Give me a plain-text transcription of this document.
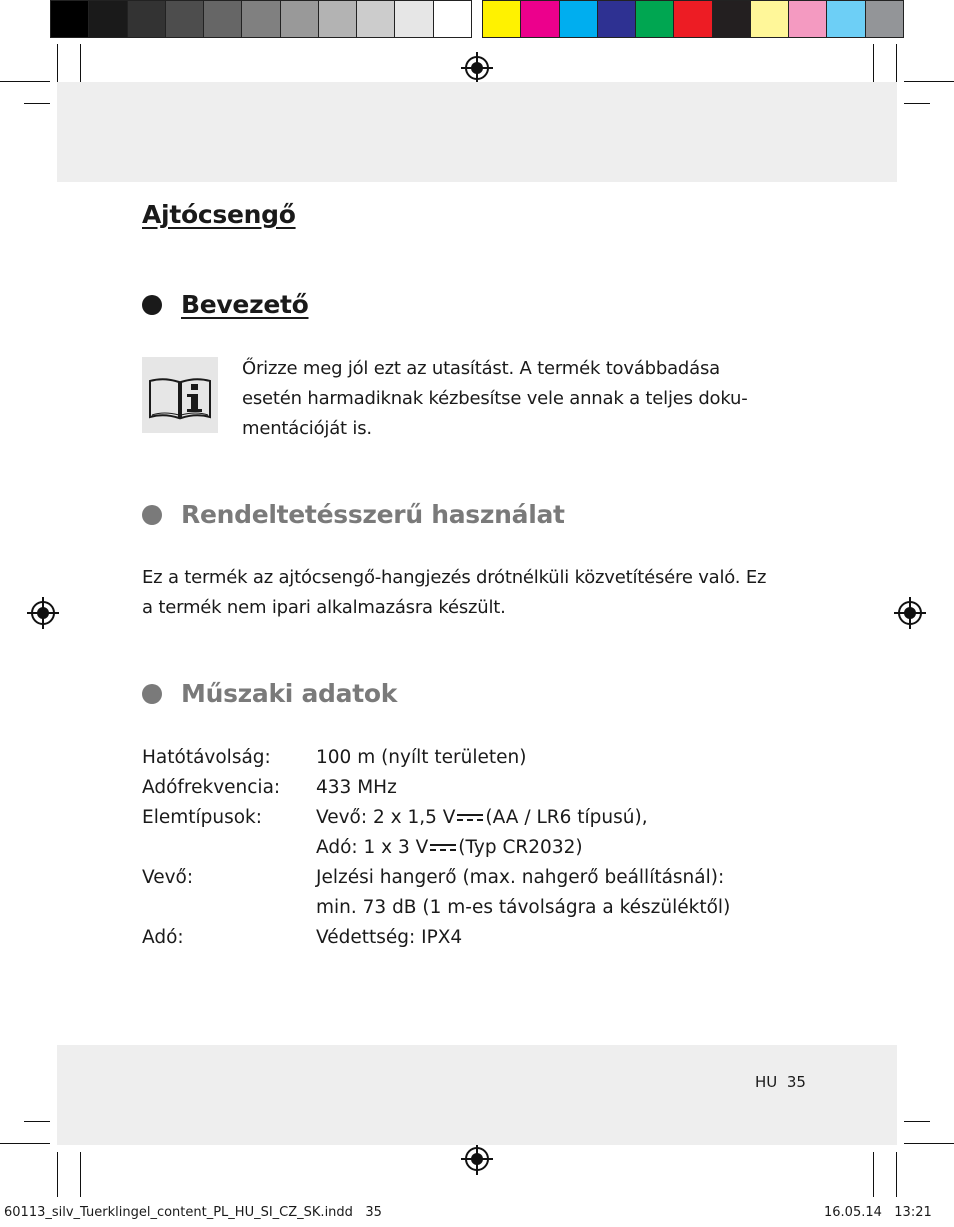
Ajtócsengő
Bevezető
Őrizze meg jól ezt az utasítást. A termék továbbadása
esetén harmadiknak kézbesítse vele annak a teljes doku-
mentációját is.
Rendeltetésszerű használat
Ez a termék az ajtócsengő-hangjezés drótnélküli közvetítésére való. Ez
a termék nem ipari alkalmazásra készült.
Műszaki adatok
Hatótávolság:	100 m (nyílt területen)
Adófrekvencia:	433 MHz
Elemtípusok:	Vevő: 2 x 1,5 V (AA / LR6 típusú),
Adó: 1 x 3 V (Typ CR2032)
Vevő:	Jelzési hangerő (max. nahgerő beállításnál):
min. 73 dB (1 m-es távolságra a készüléktől)
Adó:	Védettség: IPX4
HU 35
60113_silv_Tuerklingel_content_PL_HU_SI_CZ_SK.indd   35	16.05.14   13:21
